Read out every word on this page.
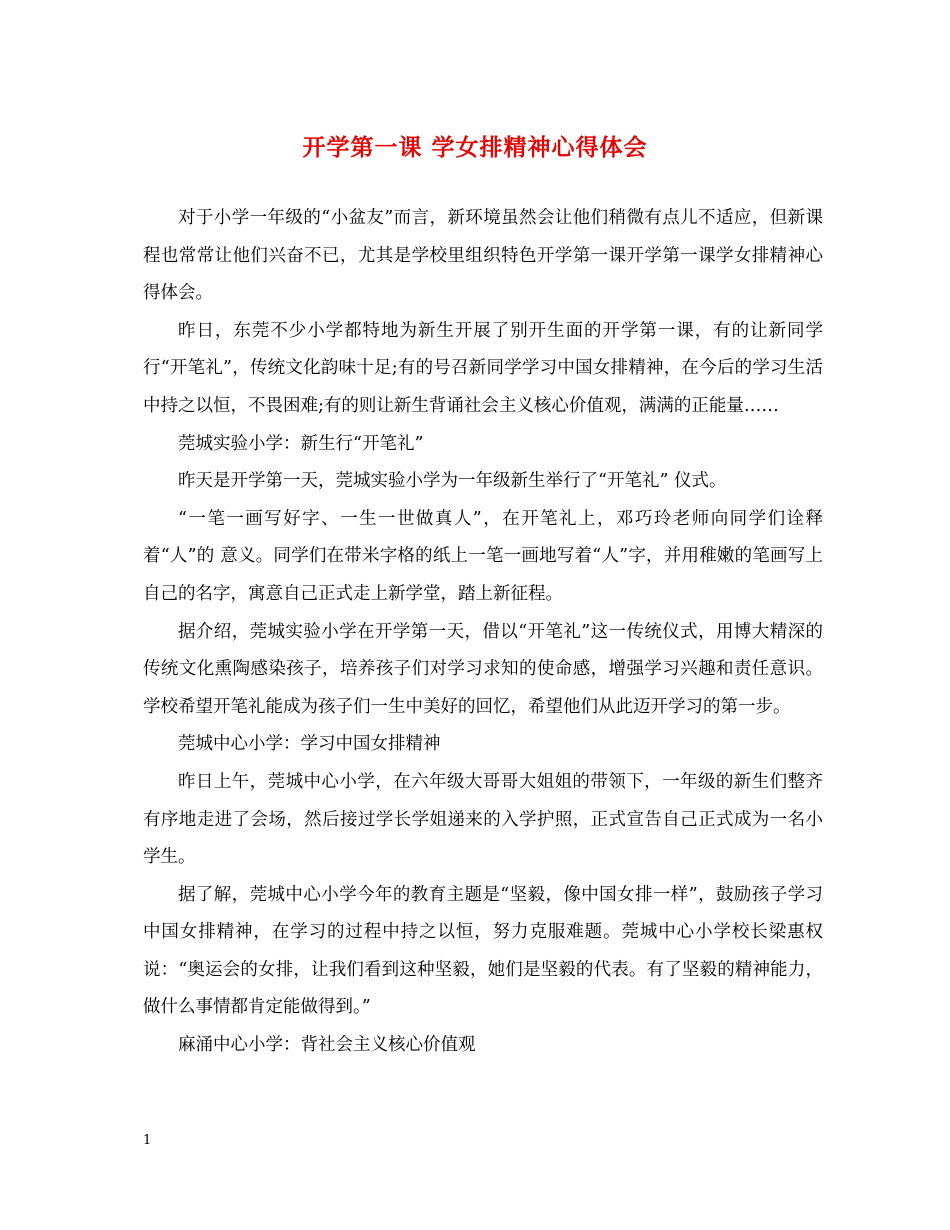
开学第一课 学女排精神心得体会

对于小学一年级的“小盆友”而言，新环境虽然会让他们稍微有点儿不适应，但新课程也常常让他们兴奋不已，尤其是学校里组织特色开学第一课开学第一课学女排精神心得体会。

昨日，东莞不少小学都特地为新生开展了别开生面的开学第一课，有的让新同学行“开笔礼”，传统文化韵味十足;有的号召新同学学习中国女排精神，在今后的学习生活中持之以恒，不畏困难;有的则让新生背诵社会主义核心价值观，满满的正能量……

莞城实验小学：新生行“开笔礼”

昨天是开学第一天，莞城实验小学为一年级新生举行了“开笔礼” 仪式。

“一笔一画写好字、一生一世做真人”，在开笔礼上，邓巧玲老师向同学们诠释着“人”的 意义。同学们在带米字格的纸上一笔一画地写着“人”字，并用稚嫩的笔画写上自己的名字，寓意自己正式走上新学堂，踏上新征程。

据介绍，莞城实验小学在开学第一天，借以“开笔礼”这一传统仪式，用博大精深的传统文化熏陶感染孩子，培养孩子们对学习求知的使命感，增强学习兴趣和责任意识。学校希望开笔礼能成为孩子们一生中美好的回忆，希望他们从此迈开学习的第一步。

莞城中心小学：学习中国女排精神

昨日上午，莞城中心小学，在六年级大哥哥大姐姐的带领下，一年级的新生们整齐有序地走进了会场，然后接过学长学姐递来的入学护照，正式宣告自己正式成为一名小学生。

据了解，莞城中心小学今年的教育主题是“坚毅，像中国女排一样”，鼓励孩子学习中国女排精神，在学习的过程中持之以恒，努力克服难题。莞城中心小学校长梁惠权说：“奥运会的女排，让我们看到这种坚毅，她们是坚毅的代表。有了坚毅的精神能力，做什么事情都肯定能做得到。”

麻涌中心小学：背社会主义核心价值观

1
